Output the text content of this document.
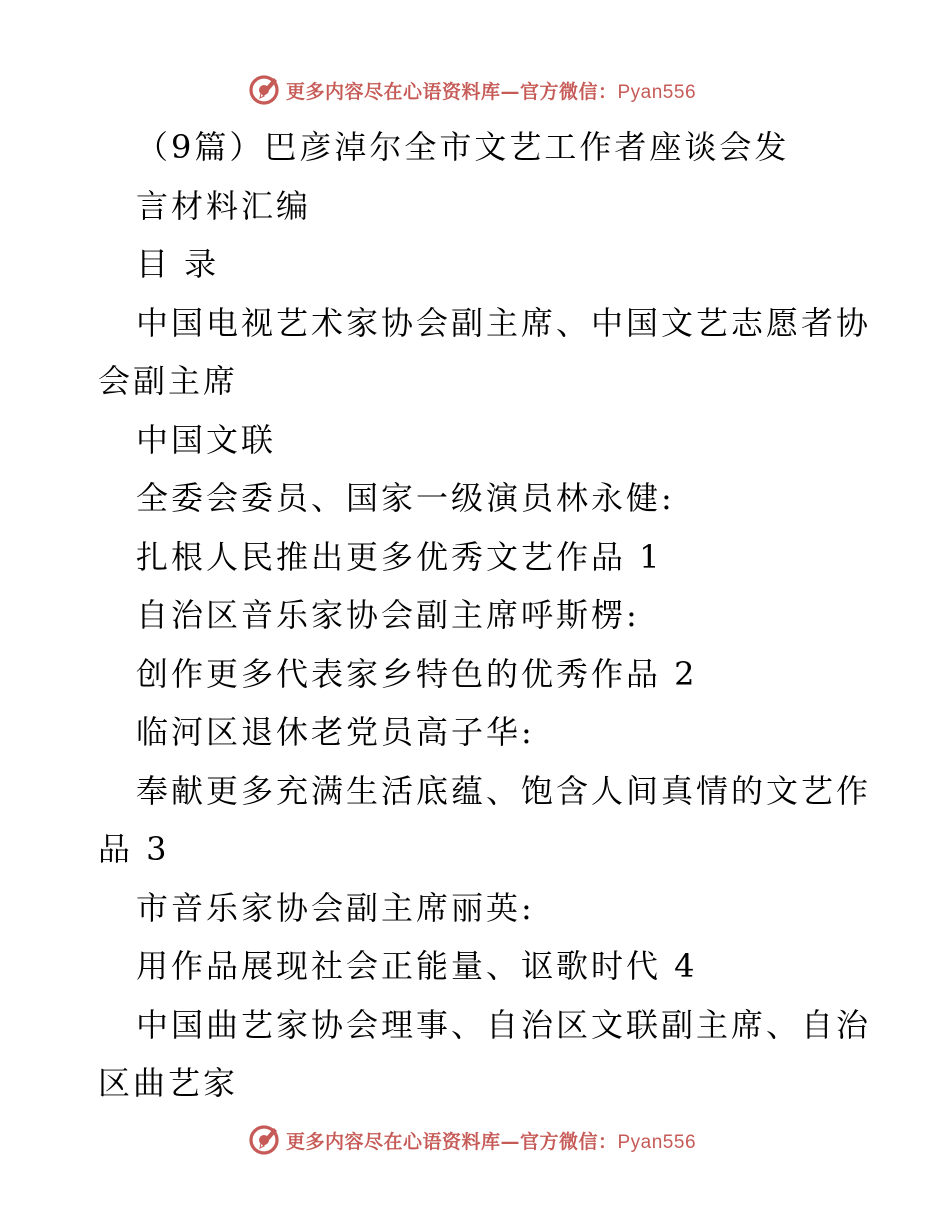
更多内容尽在心语资料库—官方微信：Pyan556
（9篇）巴彦淖尔全市文艺工作者座谈会发
言材料汇编
目 录
中国电视艺术家协会副主席、中国文艺志愿者协
会副主席
中国文联
全委会委员、国家一级演员林永健:
扎根人民推出更多优秀文艺作品 1
自治区音乐家协会副主席呼斯楞:
创作更多代表家乡特色的优秀作品 2
临河区退休老党员高子华:
奉献更多充满生活底蕴、饱含人间真情的文艺作
品 3
市音乐家协会副主席丽英:
用作品展现社会正能量、讴歌时代 4
中国曲艺家协会理事、自治区文联副主席、自治
区曲艺家
更多内容尽在心语资料库—官方微信：Pyan556
